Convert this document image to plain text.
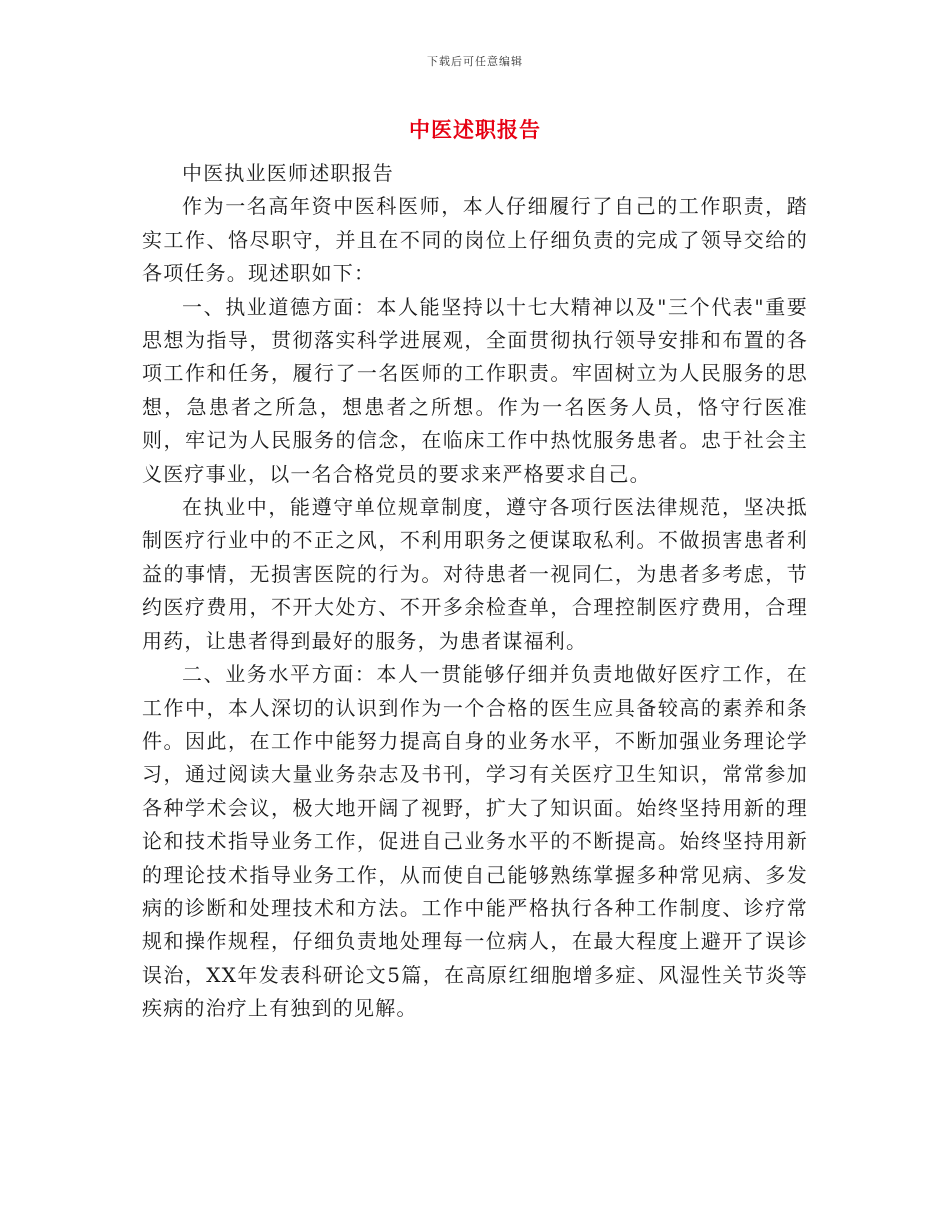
下载后可任意编辑
中医述职报告

中医执业医师述职报告

作为一名高年资中医科医师，本人仔细履行了自己的工作职责，踏实工作、恪尽职守，并且在不同的岗位上仔细负责的完成了领导交给的各项任务。现述职如下：

一、执业道德方面：本人能坚持以十七大精神以及"三个代表"重要思想为指导，贯彻落实科学进展观，全面贯彻执行领导安排和布置的各项工作和任务，履行了一名医师的工作职责。牢固树立为人民服务的思想，急患者之所急，想患者之所想。作为一名医务人员，恪守行医准则，牢记为人民服务的信念，在临床工作中热忱服务患者。忠于社会主义医疗事业，以一名合格党员的要求来严格要求自己。

在执业中，能遵守单位规章制度，遵守各项行医法律规范，坚决抵制医疗行业中的不正之风，不利用职务之便谋取私利。不做损害患者利益的事情，无损害医院的行为。对待患者一视同仁，为患者多考虑，节约医疗费用，不开大处方、不开多余检查单，合理控制医疗费用，合理用药，让患者得到最好的服务，为患者谋福利。

二、业务水平方面：本人一贯能够仔细并负责地做好医疗工作，在工作中，本人深切的认识到作为一个合格的医生应具备较高的素养和条件。因此，在工作中能努力提高自身的业务水平，不断加强业务理论学习，通过阅读大量业务杂志及书刊，学习有关医疗卫生知识，常常参加各种学术会议，极大地开阔了视野，扩大了知识面。始终坚持用新的理论和技术指导业务工作，促进自己业务水平的不断提高。始终坚持用新的理论技术指导业务工作，从而使自己能够熟练掌握多种常见病、多发病的诊断和处理技术和方法。工作中能严格执行各种工作制度、诊疗常规和操作规程，仔细负责地处理每一位病人，在最大程度上避开了误诊误治，XX年发表科研论文5篇，在高原红细胞增多症、风湿性关节炎等疾病的治疗上有独到的见解。
